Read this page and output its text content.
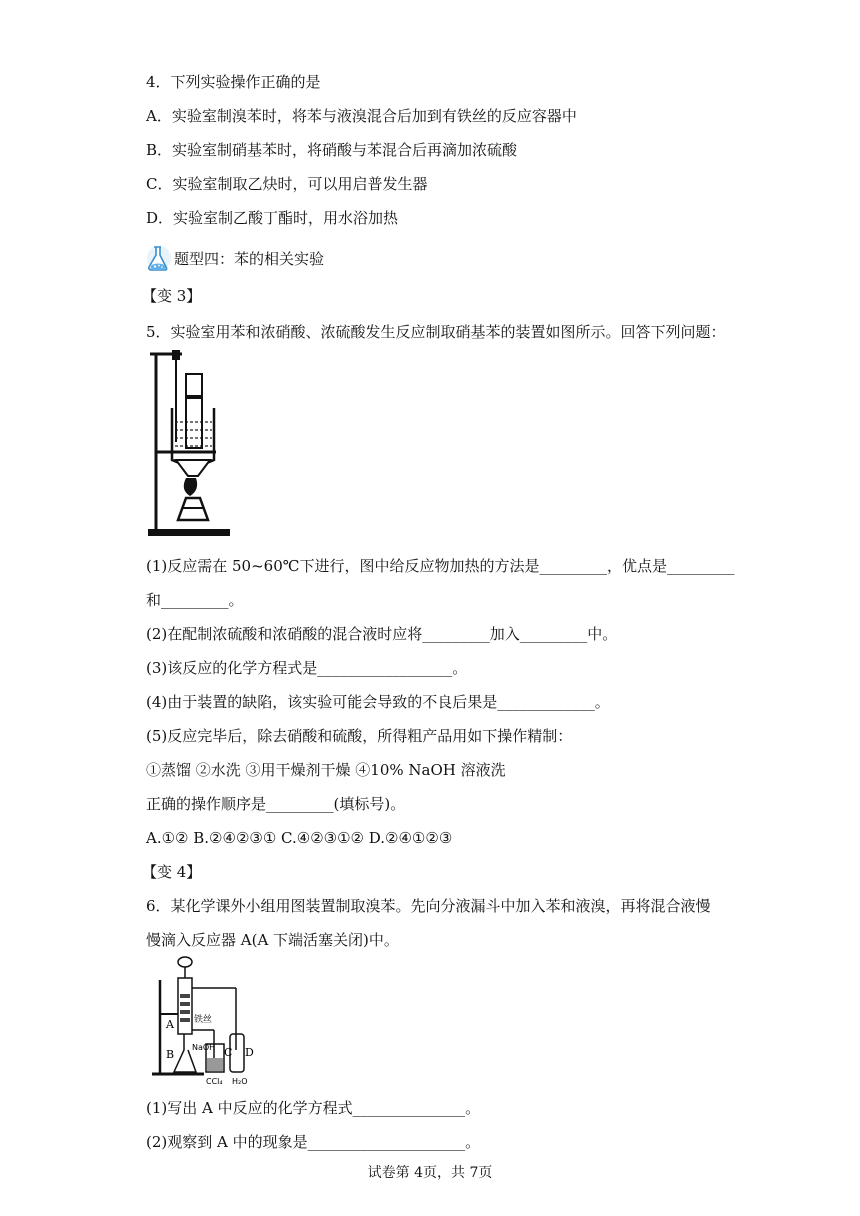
4．下列实验操作正确的是
A．实验室制溴苯时，将苯与液溴混合后加到有铁丝的反应容器中
B．实验室制硝基苯时，将硝酸与苯混合后再滴加浓硫酸
C．实验室制取乙炔时，可以用启普发生器
D．实验室制乙酸丁酯时，用水浴加热
题型四：苯的相关实验
【变 3】
5．实验室用苯和浓硝酸、浓硫酸发生反应制取硝基苯的装置如图所示。回答下列问题：
(1)反应需在 50~60℃下进行，图中给反应物加热的方法是_________，优点是_________
和_________。
(2)在配制浓硫酸和浓硝酸的混合液时应将_________加入_________中。
(3)该反应的化学方程式是__________________。
(4)由于装置的缺陷，该实验可能会导致的不良后果是_____________。
(5)反应完毕后，除去硝酸和硫酸，所得粗产品用如下操作精制：
①蒸馏 ②水洗 ③用干燥剂干燥 ④10% NaOH 溶液洗
正确的操作顺序是_________(填标号)。
A.①② B.②④②③① C.④②③①② D.②④①②③
【变 4】
6．某化学课外小组用图装置制取溴苯。先向分液漏斗中加入苯和液溴，再将混合液慢
慢滴入反应器 A(A 下端活塞关闭)中。
A
B	C D
铁丝
NaOH
CCl₄ H₂O
(1)写出 A 中反应的化学方程式_______________。
(2)观察到 A 中的现象是_____________________。
试卷第 4页，共 7页
